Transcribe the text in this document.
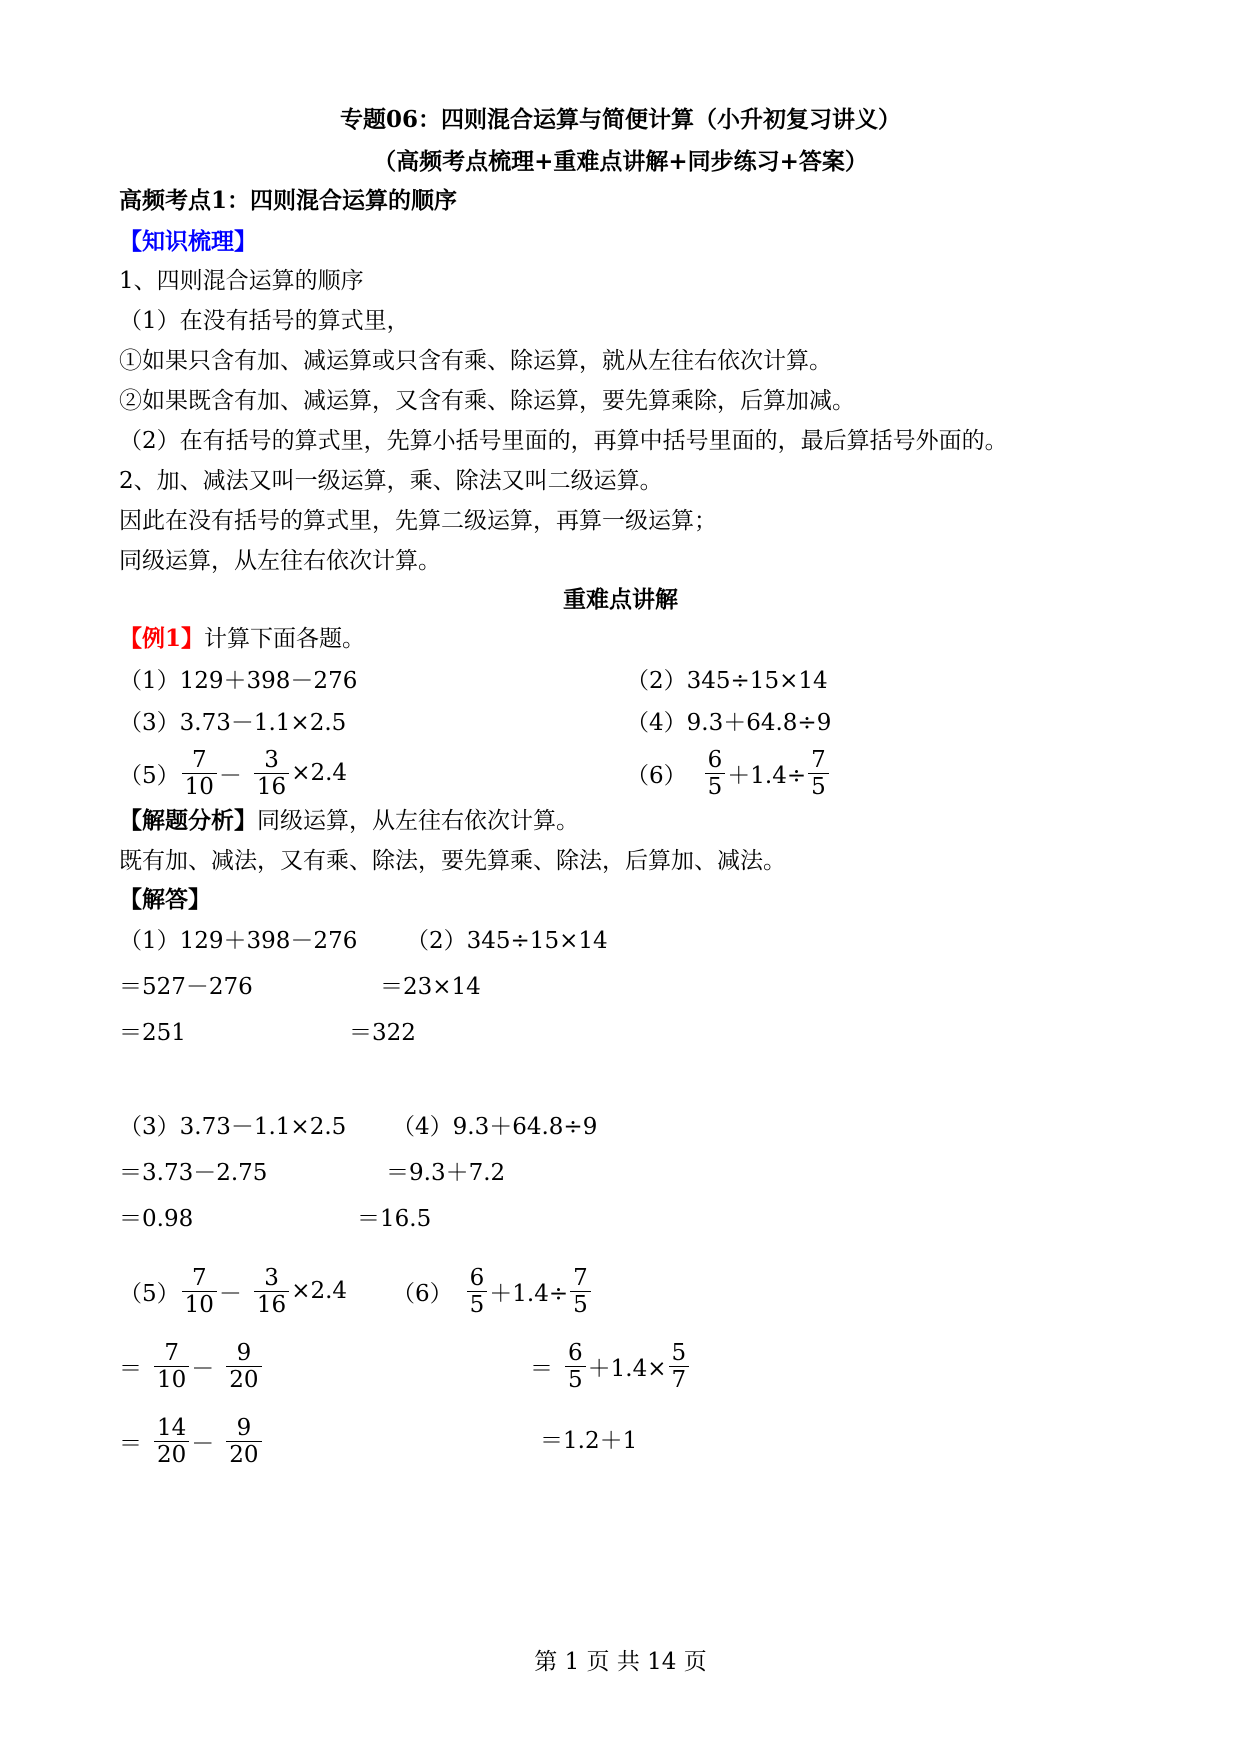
专题06：四则混合运算与简便计算（小升初复习讲义）
（高频考点梳理+重难点讲解+同步练习+答案）
高频考点1：四则混合运算的顺序
【知识梳理】
1、四则混合运算的顺序
（1）在没有括号的算式里，
①如果只含有加、减运算或只含有乘、除运算，就从左往右依次计算。
②如果既含有加、减运算，又含有乘、除运算，要先算乘除，后算加减。
（2）在有括号的算式里，先算小括号里面的，再算中括号里面的，最后算括号外面的。
2、加、减法又叫一级运算，乘、除法又叫二级运算。
因此在没有括号的算式里，先算二级运算，再算一级运算；
同级运算，从左往右依次计算。
重难点讲解
【例1】计算下面各题。
（1）129＋398－276	（2）345÷15×14
（3）3.73－1.1×2.5	（4）9.3＋64.8÷9
$(5) \frac{7}{10} - \frac{3}{16} \times 2.4$	$(6) \frac{6}{5} +1.4\div \frac{7}{5}$
【解题分析】同级运算，从左往右依次计算。
既有加、减法，又有乘、除法，要先算乘、除法，后算加、减法。
【解答】
（1）129＋398－276 （2）345÷15×14
＝527－276	＝23×14
＝251	＝322
（3）3.73－1.1×2.5 （4）9.3＋64.8÷9
＝3.73－2.75	＝9.3＋7.2
＝0.98	＝16.5
$(5) \frac{7}{10} - \frac{3}{16} \times 2.4$ $(6) \frac{6}{5} +1.4\div \frac{7}{5}$
＝ $\frac{7}{10} - \frac{9}{20}$	＝ $\frac{6}{5} +1.4\times \frac{5}{7}$
＝ $\frac{14}{20} - \frac{9}{20}$	＝1.2＋1
第 1 页 共 14 页
